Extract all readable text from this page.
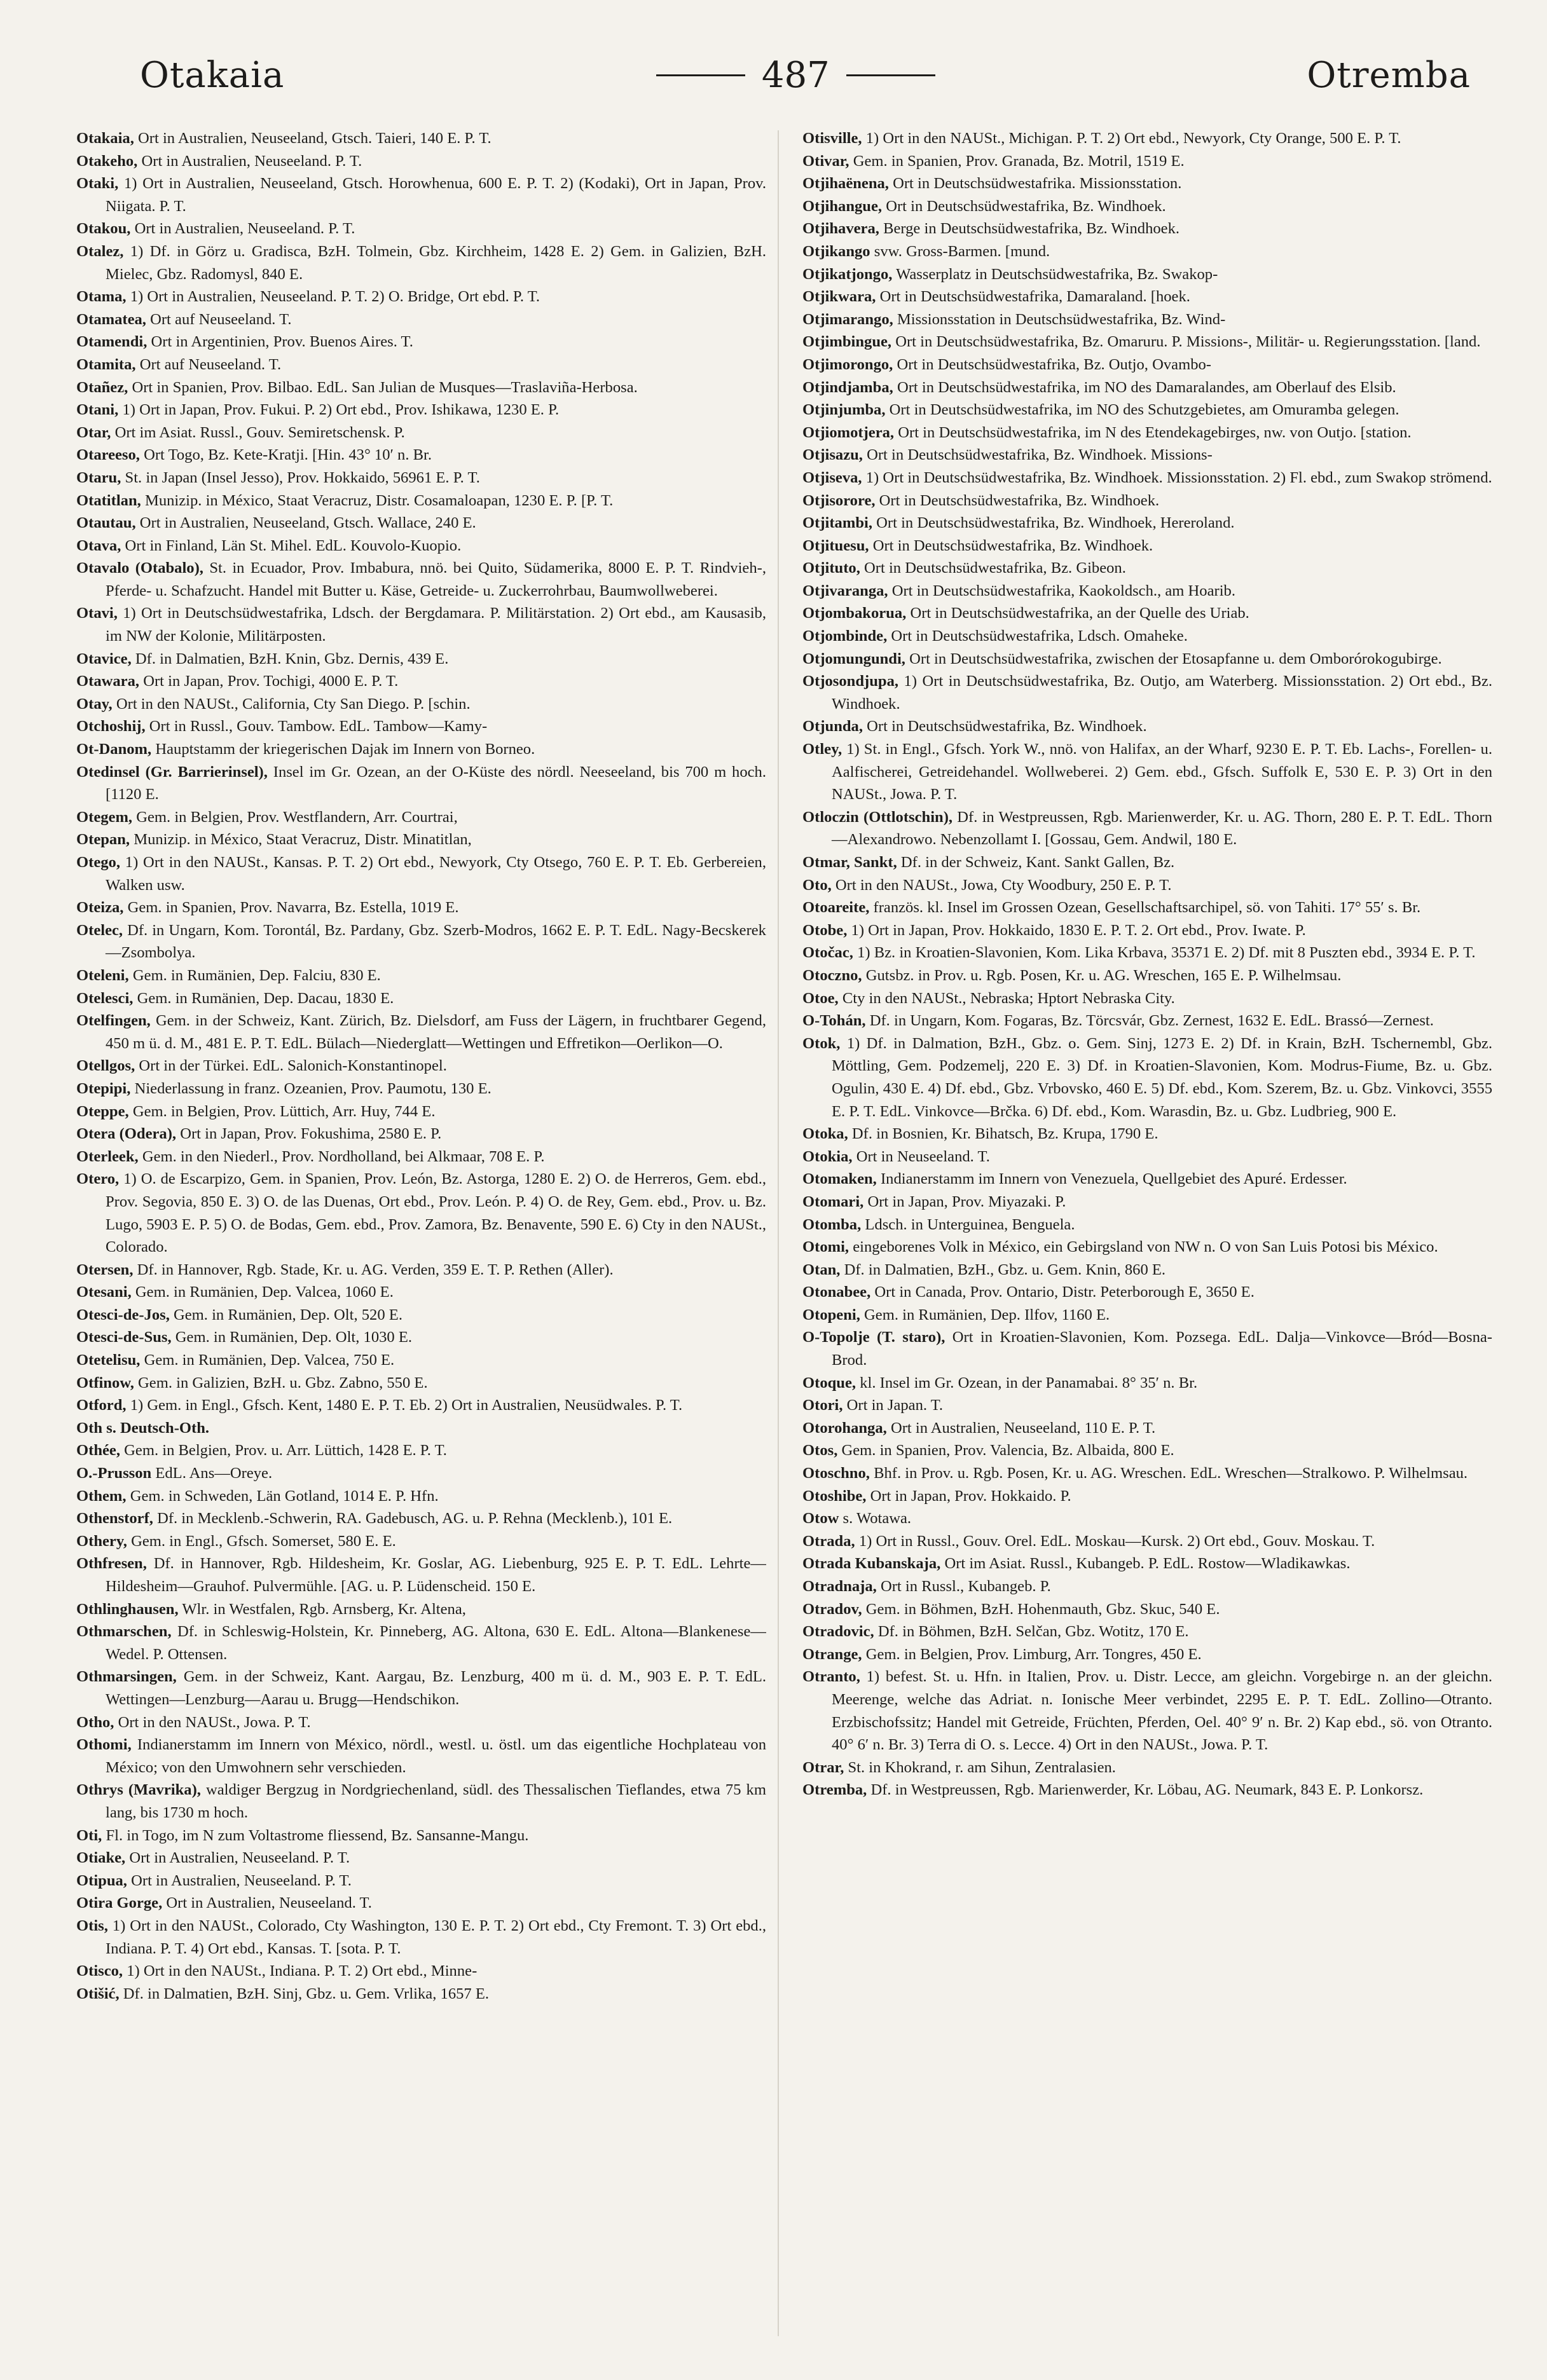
Otakaia	487	Otremba

Otakaia, Ort in Australien, Neuseeland, Gtsch. Taieri, 140 E. P. T.

Otakeho, Ort in Australien, Neuseeland. P. T.

Otaki, 1) Ort in Australien, Neuseeland, Gtsch. Horowhenua, 600 E. P. T. 2) (Kodaki), Ort in Japan, Prov. Niigata. P. T.

Otakou, Ort in Australien, Neuseeland. P. T.

Otalez, 1) Df. in Görz u. Gradisca, BzH. Tolmein, Gbz. Kirchheim, 1428 E. 2) Gem. in Galizien, BzH. Mielec, Gbz. Radomysl, 840 E.

Otama, 1) Ort in Australien, Neuseeland. P. T. 2) O. Bridge, Ort ebd. P. T.

Otamatea, Ort auf Neuseeland. T.

Otamendi, Ort in Argentinien, Prov. Buenos Aires. T.

Otamita, Ort auf Neuseeland. T.

Otañez, Ort in Spanien, Prov. Bilbao. EdL. San Julian de Musques—Traslaviña-Herbosa.

Otani, 1) Ort in Japan, Prov. Fukui. P. 2) Ort ebd., Prov. Ishikawa, 1230 E. P.

Otar, Ort im Asiat. Russl., Gouv. Semiretschensk. P.

Otareeso, Ort Togo, Bz. Kete-Kratji. [Hin. 43° 10′ n. Br.

Otaru, St. in Japan (Insel Jesso), Prov. Hokkaido, 56961 E. P. T.

Otatitlan, Munizip. in México, Staat Veracruz, Distr. Cosamaloapan, 1230 E. P. [P. T.

Otautau, Ort in Australien, Neuseeland, Gtsch. Wallace, 240 E.

Otava, Ort in Finland, Län St. Mihel. EdL. Kouvolo-Kuopio.

Otavalo (Otabalo), St. in Ecuador, Prov. Imbabura, nnö. bei Quito, Südamerika, 8000 E. P. T. Rindvieh-, Pferde- u. Schafzucht. Handel mit Butter u. Käse, Getreide- u. Zuckerrohrbau, Baumwollweberei.

Otavi, 1) Ort in Deutschsüdwestafrika, Ldsch. der Bergdamara. P. Militärstation. 2) Ort ebd., am Kausasib, im NW der Kolonie, Militärposten.

Otavice, Df. in Dalmatien, BzH. Knin, Gbz. Dernis, 439 E.

Otawara, Ort in Japan, Prov. Tochigi, 4000 E. P. T.

Otay, Ort in den NAUSt., California, Cty San Diego. P. [schin.

Otchoshij, Ort in Russl., Gouv. Tambow. EdL. Tambow—Kamy-

Ot-Danom, Hauptstamm der kriegerischen Dajak im Innern von Borneo.

Otedinsel (Gr. Barrierinsel), Insel im Gr. Ozean, an der O-Küste des nördl. Neeseeland, bis 700 m hoch. [1120 E.

Otegem, Gem. in Belgien, Prov. Westflandern, Arr. Courtrai,

Otepan, Munizip. in México, Staat Veracruz, Distr. Minatitlan,

Otego, 1) Ort in den NAUSt., Kansas. P. T. 2) Ort ebd., Newyork, Cty Otsego, 760 E. P. T. Eb. Gerbereien, Walken usw.

Oteiza, Gem. in Spanien, Prov. Navarra, Bz. Estella, 1019 E.

Otelec, Df. in Ungarn, Kom. Torontál, Bz. Pardany, Gbz. Szerb-Modros, 1662 E. P. T. EdL. Nagy-Becskerek—Zsombolya.

Oteleni, Gem. in Rumänien, Dep. Falciu, 830 E.

Otelesci, Gem. in Rumänien, Dep. Dacau, 1830 E.

Otelfingen, Gem. in der Schweiz, Kant. Zürich, Bz. Dielsdorf, am Fuss der Lägern, in fruchtbarer Gegend, 450 m ü. d. M., 481 E. P. T. EdL. Bülach—Niederglatt—Wettingen und Effretikon—Oerlikon—O.

Otellgos, Ort in der Türkei. EdL. Salonich-Konstantinopel.

Otepipi, Niederlassung in franz. Ozeanien, Prov. Paumotu, 130 E.

Oteppe, Gem. in Belgien, Prov. Lüttich, Arr. Huy, 744 E.

Otera (Odera), Ort in Japan, Prov. Fokushima, 2580 E. P.

Oterleek, Gem. in den Niederl., Prov. Nordholland, bei Alkmaar, 708 E. P.

Otero, 1) O. de Escarpizo, Gem. in Spanien, Prov. León, Bz. Astorga, 1280 E. 2) O. de Herreros, Gem. ebd., Prov. Segovia, 850 E. 3) O. de las Duenas, Ort ebd., Prov. León. P. 4) O. de Rey, Gem. ebd., Prov. u. Bz. Lugo, 5903 E. P. 5) O. de Bodas, Gem. ebd., Prov. Zamora, Bz. Benavente, 590 E. 6) Cty in den NAUSt., Colorado.

Otersen, Df. in Hannover, Rgb. Stade, Kr. u. AG. Verden, 359 E. T. P. Rethen (Aller).

Otesani, Gem. in Rumänien, Dep. Valcea, 1060 E.

Otesci-de-Jos, Gem. in Rumänien, Dep. Olt, 520 E.

Otesci-de-Sus, Gem. in Rumänien, Dep. Olt, 1030 E.

Otetelisu, Gem. in Rumänien, Dep. Valcea, 750 E.

Otfinow, Gem. in Galizien, BzH. u. Gbz. Zabno, 550 E.

Otford, 1) Gem. in Engl., Gfsch. Kent, 1480 E. P. T. Eb. 2) Ort in Australien, Neusüdwales. P. T.

Oth s. Deutsch-Oth.

Othée, Gem. in Belgien, Prov. u. Arr. Lüttich, 1428 E. P. T.

O.-Prusson EdL. Ans—Oreye.

Othem, Gem. in Schweden, Län Gotland, 1014 E. P. Hfn.

Othenstorf, Df. in Mecklenb.-Schwerin, RA. Gadebusch, AG. u. P. Rehna (Mecklenb.), 101 E.

Othery, Gem. in Engl., Gfsch. Somerset, 580 E. E.

Othfresen, Df. in Hannover, Rgb. Hildesheim, Kr. Goslar, AG. Liebenburg, 925 E. P. T. EdL. Lehrte—Hildesheim—Grauhof. Pulvermühle. [AG. u. P. Lüdenscheid. 150 E.

Othlinghausen, Wlr. in Westfalen, Rgb. Arnsberg, Kr. Altena,

Othmarschen, Df. in Schleswig-Holstein, Kr. Pinneberg, AG. Altona, 630 E. EdL. Altona—Blankenese—Wedel. P. Ottensen.

Othmarsingen, Gem. in der Schweiz, Kant. Aargau, Bz. Lenzburg, 400 m ü. d. M., 903 E. P. T. EdL. Wettingen—Lenzburg—Aarau u. Brugg—Hendschikon.

Otho, Ort in den NAUSt., Jowa. P. T.

Othomi, Indianerstamm im Innern von México, nördl., westl. u. östl. um das eigentliche Hochplateau von México; von den Umwohnern sehr verschieden.

Othrys (Mavrika), waldiger Bergzug in Nordgriechenland, südl. des Thessalischen Tieflandes, etwa 75 km lang, bis 1730 m hoch.

Oti, Fl. in Togo, im N zum Voltastrome fliessend, Bz. Sansanne-Mangu.

Otiake, Ort in Australien, Neuseeland. P. T.

Otipua, Ort in Australien, Neuseeland. P. T.

Otira Gorge, Ort in Australien, Neuseeland. T.

Otis, 1) Ort in den NAUSt., Colorado, Cty Washington, 130 E. P. T. 2) Ort ebd., Cty Fremont. T. 3) Ort ebd., Indiana. P. T. 4) Ort ebd., Kansas. T. [sota. P. T.

Otisco, 1) Ort in den NAUSt., Indiana. P. T. 2) Ort ebd., Minne-

Otišić, Df. in Dalmatien, BzH. Sinj, Gbz. u. Gem. Vrlika, 1657 E.

Otisville, 1) Ort in den NAUSt., Michigan. P. T. 2) Ort ebd., Newyork, Cty Orange, 500 E. P. T.

Otivar, Gem. in Spanien, Prov. Granada, Bz. Motril, 1519 E.

Otjihaënena, Ort in Deutschsüdwestafrika. Missionsstation.

Otjihangue, Ort in Deutschsüdwestafrika, Bz. Windhoek.

Otjihavera, Berge in Deutschsüdwestafrika, Bz. Windhoek.

Otjikango svw. Gross-Barmen. [mund.

Otjikatjongo, Wasserplatz in Deutschsüdwestafrika, Bz. Swakop-

Otjikwara, Ort in Deutschsüdwestafrika, Damaraland. [hoek.

Otjimarango, Missionsstation in Deutschsüdwestafrika, Bz. Wind-

Otjimbingue, Ort in Deutschsüdwestafrika, Bz. Omaruru. P. Missions-, Militär- u. Regierungsstation. [land.

Otjimorongo, Ort in Deutschsüdwestafrika, Bz. Outjo, Ovambo-

Otjindjamba, Ort in Deutschsüdwestafrika, im NO des Damaralandes, am Oberlauf des Elsib.

Otjinjumba, Ort in Deutschsüdwestafrika, im NO des Schutzgebietes, am Omuramba gelegen.

Otjiomotjera, Ort in Deutschsüdwestafrika, im N des Etendekagebirges, nw. von Outjo. [station.

Otjisazu, Ort in Deutschsüdwestafrika, Bz. Windhoek. Missions-

Otjiseva, 1) Ort in Deutschsüdwestafrika, Bz. Windhoek. Missionsstation. 2) Fl. ebd., zum Swakop strömend.

Otjisorore, Ort in Deutschsüdwestafrika, Bz. Windhoek.

Otjitambi, Ort in Deutschsüdwestafrika, Bz. Windhoek, Hereroland.

Otjituesu, Ort in Deutschsüdwestafrika, Bz. Windhoek.

Otjituto, Ort in Deutschsüdwestafrika, Bz. Gibeon.

Otjivaranga, Ort in Deutschsüdwestafrika, Kaokoldsch., am Hoarib.

Otjombakorua, Ort in Deutschsüdwestafrika, an der Quelle des Uriab.

Otjombinde, Ort in Deutschsüdwestafrika, Ldsch. Omaheke.

Otjomungundi, Ort in Deutschsüdwestafrika, zwischen der Etosapfanne u. dem Omborórokogubirge.

Otjosondjupa, 1) Ort in Deutschsüdwestafrika, Bz. Outjo, am Waterberg. Missionsstation. 2) Ort ebd., Bz. Windhoek.

Otjunda, Ort in Deutschsüdwestafrika, Bz. Windhoek.

Otley, 1) St. in Engl., Gfsch. York W., nnö. von Halifax, an der Wharf, 9230 E. P. T. Eb. Lachs-, Forellen- u. Aalfischerei, Getreidehandel. Wollweberei. 2) Gem. ebd., Gfsch. Suffolk E, 530 E. P. 3) Ort in den NAUSt., Jowa. P. T.

Otloczin (Ottlotschin), Df. in Westpreussen, Rgb. Marienwerder, Kr. u. AG. Thorn, 280 E. P. T. EdL. Thorn—Alexandrowo. Nebenzollamt I. [Gossau, Gem. Andwil, 180 E.

Otmar, Sankt, Df. in der Schweiz, Kant. Sankt Gallen, Bz.

Oto, Ort in den NAUSt., Jowa, Cty Woodbury, 250 E. P. T.

Otoareite, französ. kl. Insel im Grossen Ozean, Gesellschaftsarchipel, sö. von Tahiti. 17° 55′ s. Br.

Otobe, 1) Ort in Japan, Prov. Hokkaido, 1830 E. P. T. 2. Ort ebd., Prov. Iwate. P.

Otočac, 1) Bz. in Kroatien-Slavonien, Kom. Lika Krbava, 35371 E. 2) Df. mit 8 Puszten ebd., 3934 E. P. T.

Otoczno, Gutsbz. in Prov. u. Rgb. Posen, Kr. u. AG. Wreschen, 165 E. P. Wilhelmsau.

Otoe, Cty in den NAUSt., Nebraska; Hptort Nebraska City.

O-Tohán, Df. in Ungarn, Kom. Fogaras, Bz. Törcsvár, Gbz. Zernest, 1632 E. EdL. Brassó—Zernest.

Otok, 1) Df. in Dalmation, BzH., Gbz. o. Gem. Sinj, 1273 E. 2) Df. in Krain, BzH. Tschernembl, Gbz. Möttling, Gem. Podzemelj, 220 E. 3) Df. in Kroatien-Slavonien, Kom. Modrus-Fiume, Bz. u. Gbz. Ogulin, 430 E. 4) Df. ebd., Gbz. Vrbovsko, 460 E. 5) Df. ebd., Kom. Szerem, Bz. u. Gbz. Vinkovci, 3555 E. P. T. EdL. Vinkovce—Brčka. 6) Df. ebd., Kom. Warasdin, Bz. u. Gbz. Ludbrieg, 900 E.

Otoka, Df. in Bosnien, Kr. Bihatsch, Bz. Krupa, 1790 E.

Otokia, Ort in Neuseeland. T.

Otomaken, Indianerstamm im Innern von Venezuela, Quellgebiet des Apuré. Erdesser.

Otomari, Ort in Japan, Prov. Miyazaki. P.

Otomba, Ldsch. in Unterguinea, Benguela.

Otomi, eingeborenes Volk in México, ein Gebirgsland von NW n. O von San Luis Potosi bis México.

Otan, Df. in Dalmatien, BzH., Gbz. u. Gem. Knin, 860 E.

Otonabee, Ort in Canada, Prov. Ontario, Distr. Peterborough E, 3650 E.

Otopeni, Gem. in Rumänien, Dep. Ilfov, 1160 E.

O-Topolje (T. staro), Ort in Kroatien-Slavonien, Kom. Pozsega. EdL. Dalja—Vinkovce—Bród—Bosna-Brod.

Otoque, kl. Insel im Gr. Ozean, in der Panamabai. 8° 35′ n. Br.

Otori, Ort in Japan. T.

Otorohanga, Ort in Australien, Neuseeland, 110 E. P. T.

Otos, Gem. in Spanien, Prov. Valencia, Bz. Albaida, 800 E.

Otoschno, Bhf. in Prov. u. Rgb. Posen, Kr. u. AG. Wreschen. EdL. Wreschen—Stralkowo. P. Wilhelmsau.

Otoshibe, Ort in Japan, Prov. Hokkaido. P.

Otow s. Wotawa.

Otrada, 1) Ort in Russl., Gouv. Orel. EdL. Moskau—Kursk. 2) Ort ebd., Gouv. Moskau. T.

Otrada Kubanskaja, Ort im Asiat. Russl., Kubangeb. P. EdL. Rostow—Wladikawkas.

Otradnaja, Ort in Russl., Kubangeb. P.

Otradov, Gem. in Böhmen, BzH. Hohenmauth, Gbz. Skuc, 540 E.

Otradovic, Df. in Böhmen, BzH. Selčan, Gbz. Wotitz, 170 E.

Otrange, Gem. in Belgien, Prov. Limburg, Arr. Tongres, 450 E.

Otranto, 1) befest. St. u. Hfn. in Italien, Prov. u. Distr. Lecce, am gleichn. Vorgebirge n. an der gleichn. Meerenge, welche das Adriat. n. Ionische Meer verbindet, 2295 E. P. T. EdL. Zollino—Otranto. Erzbischofssitz; Handel mit Getreide, Früchten, Pferden, Oel. 40° 9′ n. Br. 2) Kap ebd., sö. von Otranto. 40° 6′ n. Br. 3) Terra di O. s. Lecce. 4) Ort in den NAUSt., Jowa. P. T.

Otrar, St. in Khokrand, r. am Sihun, Zentralasien.

Otremba, Df. in Westpreussen, Rgb. Marienwerder, Kr. Löbau, AG. Neumark, 843 E. P. Lonkorsz.
